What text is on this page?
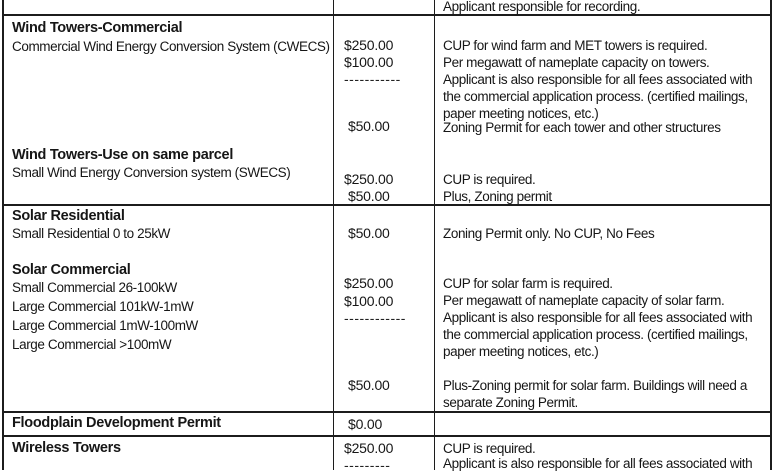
Applicant responsible for recording.
Wind Towers-Commercial
Commercial Wind Energy Conversion System (CWECS)
Wind Towers-Use on same parcel
Small Wind Energy Conversion system (SWECS)
$250.00
$100.00
-----------
$50.00
$250.00
$50.00
CUP for wind farm and MET towers is required.
Per megawatt of nameplate capacity on towers.
Applicant is also responsible for all fees associated with
the commercial application process. (certified mailings,
paper meeting notices, etc.)
Zoning Permit for each tower and other structures
CUP is required.
Plus, Zoning permit
Solar Residential
Small Residential 0 to 25kW
Solar Commercial
Small Commercial 26-100kW
Large Commercial 101kW-1mW
Large Commercial 1mW-100mW
Large Commercial >100mW
$50.00
$250.00
$100.00
------------
$50.00
Zoning Permit only. No CUP, No Fees
CUP for solar farm is required.
Per megawatt of nameplate capacity of solar farm.
Applicant is also responsible for all fees associated with
the commercial application process. (certified mailings,
paper meeting notices, etc.)
Plus-Zoning permit for solar farm. Buildings will need a
separate Zoning Permit.
Floodplain Development Permit	$0.00
Wireless Towers	$250.00
---------
CUP is required.
Applicant is also responsible for all fees associated with
